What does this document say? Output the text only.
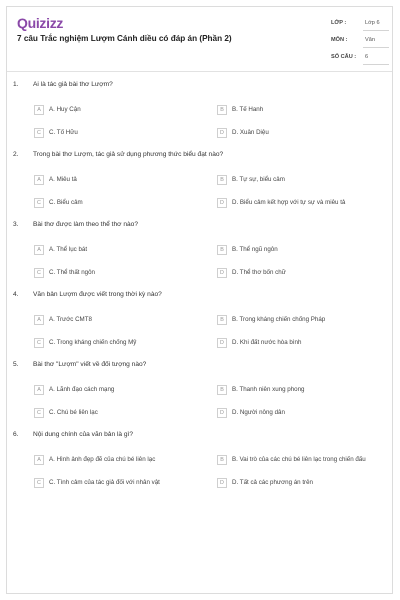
Quizizz
7 câu Trắc nghiệm Lượm Cánh diều có đáp án (Phần 2)
LỚP :	Lớp 6
MÔN :	Văn
SỐ CÂU : 6
1. Ai là tác giả bài thơ Lượm?
A	A. Huy Cận	B	B. Tế Hanh
C	C. Tố Hữu	D	D. Xuân Diệu
2. Trong bài thơ Lượm, tác giả sử dụng phương thức biểu đạt nào?
A	A. Miêu tả	B	B. Tự sự, biểu cảm
C	C. Biểu cảm	D	D. Biểu cảm kết hợp với tự sự và miêu tả
3. Bài thơ được làm theo thể thơ nào?
A	A. Thể lục bát	B	B. Thể ngũ ngôn
C	C. Thể thất ngôn	D	D. Thể thơ bốn chữ
4. Văn bản Lượm được viết trong thời kỳ nào?
A	A. Trước CMT8	B	B. Trong kháng chiến chống Pháp
C	C. Trong kháng chiến chống Mỹ	D	D. Khi đất nước hòa bình
5. Bài thơ "Lượm" viết về đối tượng nào?
A	A. Lãnh đạo cách mạng	B	B. Thanh niên xung phong
C	C. Chú bé liên lạc	D	D. Người nông dân
6. Nội dung chính của văn bản là gì?
A	A. Hình ảnh đẹp đẽ của chú bé liên lạc	B	B. Vai trò của các chú bé liên lạc trong chiến đấu
C	C. Tình cảm của tác giả đối với nhân vật	D	D. Tất cả các phương án trên
